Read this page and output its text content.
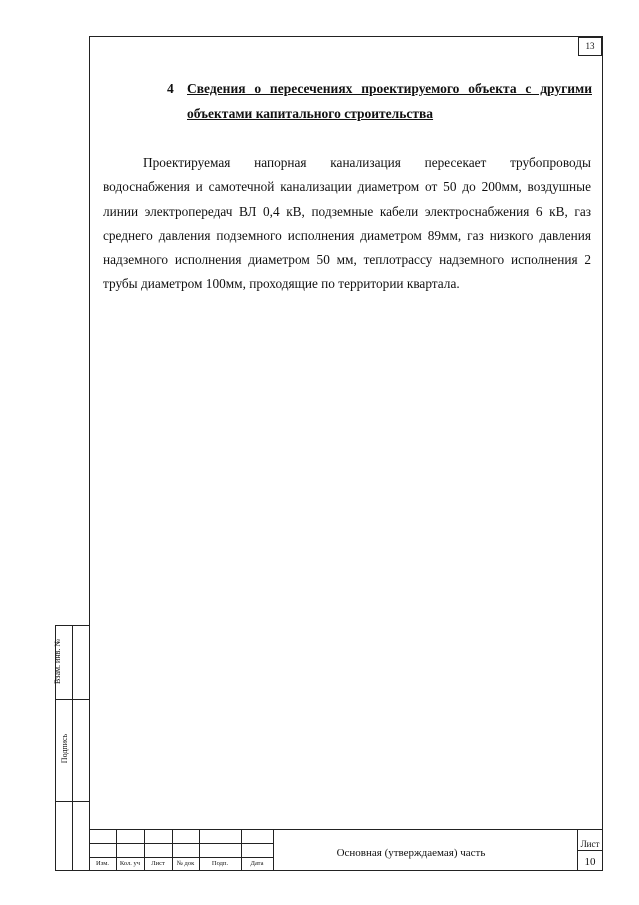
13
4 Сведения о пересечениях проектируемого объекта с другими объектами капитального строительства
Проектируемая напорная канализация пересекает трубопроводы водоснабжения и самотечной канализации диаметром от 50 до 200мм, воздушные линии электропередач ВЛ 0,4 кВ, подземные кабели электроснабжения 6 кВ, газ среднего давления подземного исполнения диаметром 89мм, газ низкого давления надземного исполнения диаметром 50 мм, теплотрассу надземного исполнения 2 трубы диаметром 100мм, проходящие по территории квартала.
Взам. инв. №
Подпись
Изм.	Кол. уч	Лист	№ док	Подп.	Дата
Основная (утверждаемая) часть
Лист
10
